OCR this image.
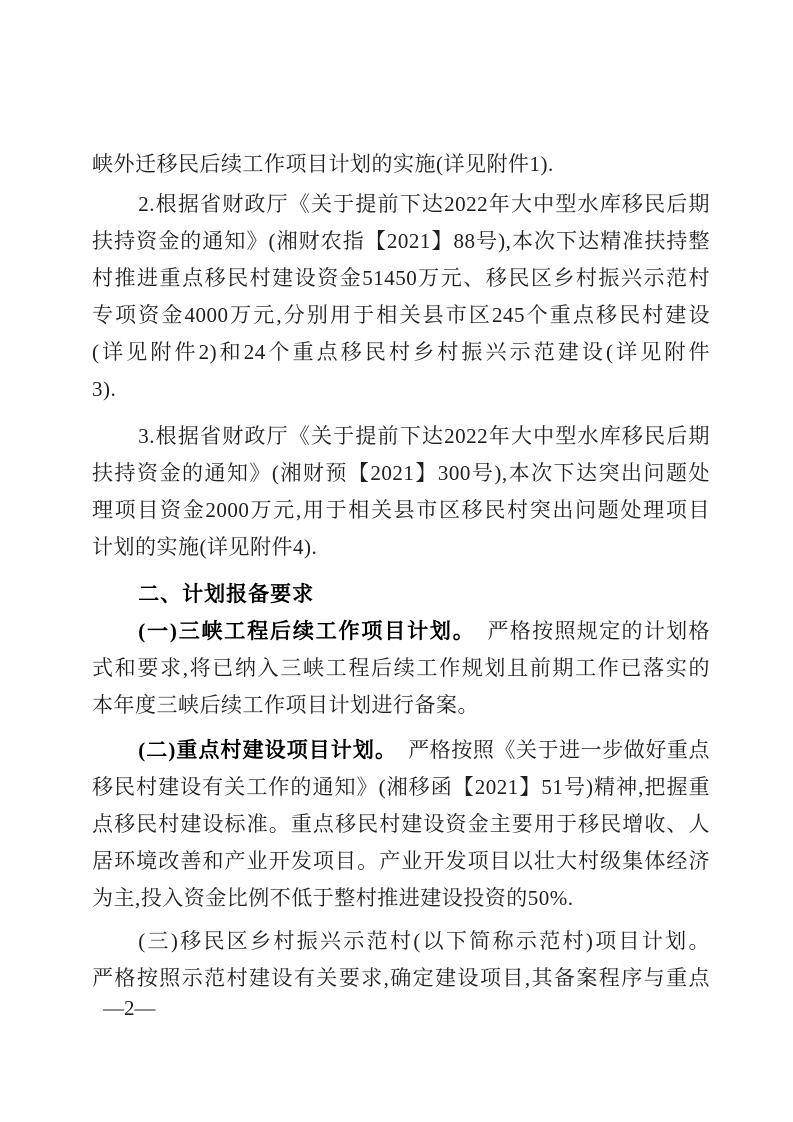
峡外迁移民后续工作项目计划的实施(详见附件1).
2.根据省财政厅《关于提前下达2022年大中型水库移民后期
扶持资金的通知》(湘财农指【2021】88号),本次下达精准扶持整
村推进重点移民村建设资金51450万元、移民区乡村振兴示范村
专项资金4000万元,分别用于相关县市区245个重点移民村建设
(详见附件2)和24个重点移民村乡村振兴示范建设(详见附件
3).
3.根据省财政厅《关于提前下达2022年大中型水库移民后期
扶持资金的通知》(湘财预【2021】300号),本次下达突出问题处
理项目资金2000万元,用于相关县市区移民村突出问题处理项目
计划的实施(详见附件4).
二、计划报备要求
(一)三峡工程后续工作项目计划。　严格按照规定的计划格
式和要求,将已纳入三峡工程后续工作规划且前期工作已落实的
本年度三峡后续工作项目计划进行备案。
(二)重点村建设项目计划。　严格按照《关于进一步做好重点
移民村建设有关工作的通知》(湘移函【2021】51号)精神,把握重
点移民村建设标准。重点移民村建设资金主要用于移民增收、人
居环境改善和产业开发项目。产业开发项目以壮大村级集体经济
为主,投入资金比例不低于整村推进建设投资的50%.
(三)移民区乡村振兴示范村(以下简称示范村)项目计划。
严格按照示范村建设有关要求,确定建设项目,其备案程序与重点
—2—
